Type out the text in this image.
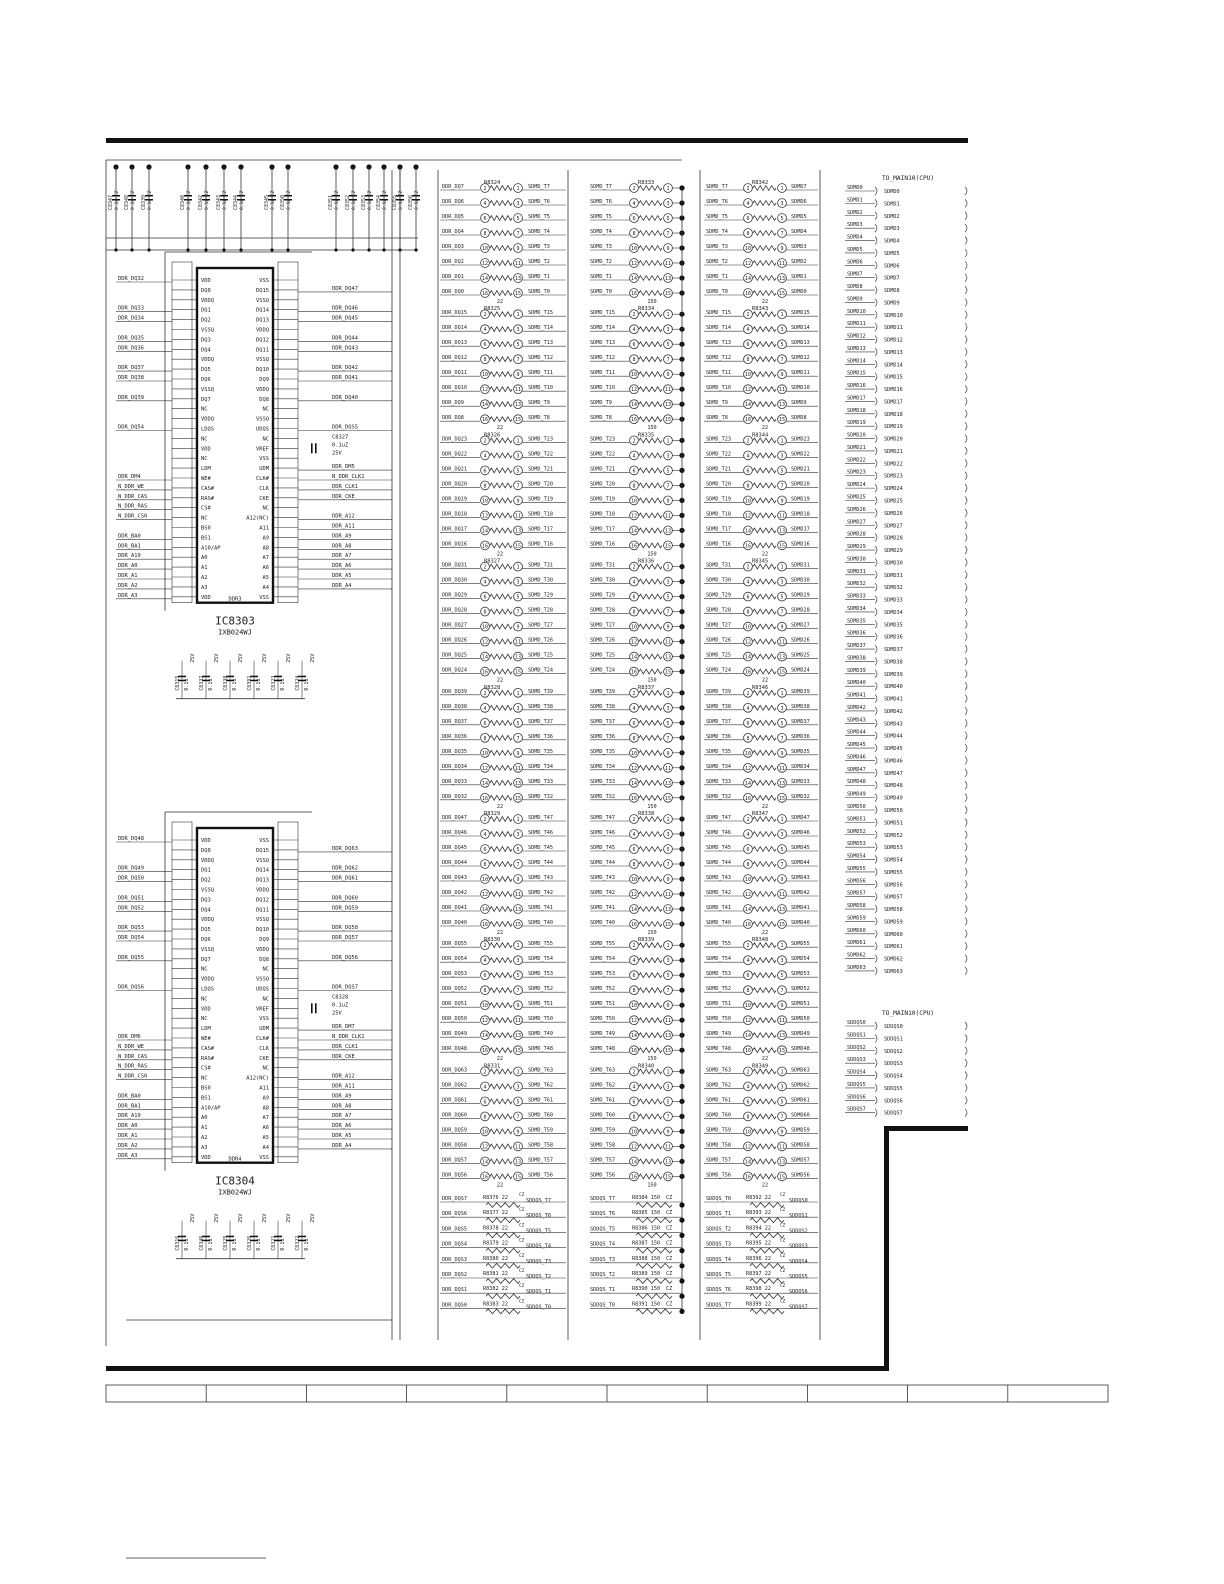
C8347 0.1u CZ C8348 0.1u CZ C8339 0.1u CZ	C8340 0.1u CZ C8342 0.1u CZ C8343 0.1u CZ C8344 0.1u CZ	C8345 0.1u CZ C8350 0.1u CZ	C8351 0.1u CZ C8352 0.1u CZ C8353 0.1u CZ C8354 0.1u CZ C8355 0.1u CZ C8356 0.1u CZ
VDD	VSS
DDR_DQ32
DQ0	DQ15	DDR_DQ47
VDDQ	VSSQ
DQ1	DQ14
DDR_DQ33	DDR_DQ46
DQ2	DQ13
DDR_DQ34	DDR_DQ45
VSSQ	VDDQ
DQ3	DQ12
DDR_DQ35	DDR_DQ44
DQ4	DQ11
DDR_DQ36	DDR_DQ43
VDDQ	VSSQ
DQ5	DQ10
DDR_DQ37	DDR_DQ42
DQ6	DQ9
DDR_DQ38	DDR_DQ41
VSSQ	VDDQ
DQ7	DQ8
DDR_DQ39	DDR_DQ40
NC	NC
VDDQ	VSSQ
LDQS	UDQS
DDR_DQ54	DDR_DQS5
NC	NC
VDD	VREF
NC	VSS
LDM	UDM	DDR_DM5
WE#	CLK#
DDR_DM4	N_DDR_CLK1
CAS#	CLK
N_DDR_WE	DDR_CLK1
RAS#	CKE
N_DDR_CAS	DDR_CKE
CS#	NC
N_DDR_RAS
NC	A12(NC)
N_DDR_CS0	DDR_A12
BS0	A11	DDR_A11
BS1	A9
DDR_BA0	DDR_A9
A10/AP	A8
DDR_BA1	DDR_A8
A0	A7
DDR_A10	DDR_A7
A1	A6
DDR_A0	DDR_A6
A2	A5
DDR_A1	DDR_A5
A3	A4
DDR_A2	DDR_A4
VDD	VSS
DDR_A3
DDR3
IC8303
IXB024WJ
C8327
0.1uZ
25V
C8315 0.1u
25V
C8337 0.1u
25V
C8338 0.1u
25V
C8391 0.1u
25V
C8323 0.1u
25V
C8324 0.1u
25V
VDD	VSS
DDR_DQ48
DQ0	DQ15	DDR_DQ63
VDDQ	VSSQ
DQ1	DQ14
DDR_DQ49	DDR_DQ62
DQ2	DQ13
DDR_DQ50	DDR_DQ61
VSSQ	VDDQ
DQ3	DQ12
DDR_DQ51	DDR_DQ60
DQ4	DQ11
DDR_DQ52	DDR_DQ59
VDDQ	VSSQ
DQ5	DQ10
DDR_DQ53	DDR_DQ58
DQ6	DQ9
DDR_DQ54	DDR_DQ57
VSSQ	VDDQ
DQ7	DQ8
DDR_DQ55	DDR_DQ56
NC	NC
VDDQ	VSSQ
LDQS	UDQS
DDR_DQS6	DDR_DQS7
NC	NC
VDD	VREF
NC	VSS
LDM	UDM	DDR_DM7
WE#	CLK#
DDR_DM6	N_DDR_CLK1
CAS#	CLK
N_DDR_WE	DDR_CLK1
RAS#	CKE
N_DDR_CAS	DDR_CKE
CS#	NC
N_DDR_RAS
NC	A12(NC)
N_DDR_CS0	DDR_A12
BS0	A11	DDR_A11
BS1	A9
DDR_BA0	DDR_A9
A10/AP	A8
DDR_BA1	DDR_A8
A0	A7
DDR_A10	DDR_A7
A1	A6
DDR_A0	DDR_A6
A2	A5
DDR_A1	DDR_A5
A3	A4
DDR_A2	DDR_A4
VDD	VSS
DDR_A3
DDR4
IC8304
IXB024WJ
C8328
0.1uZ
25V
C8316 0.1u
25V
C8346 0.1u
25V
C8325 0.1u
25V
C8326 0.1u
25V
C8321 0.1u
25V
C8322 0.1u
25V
R8324	R8333	R8342
DDR_DQ7	2	1 SDMD_T7	SDMD_T7	2	1	SDMD_T7	2	1 SDMD7
DDR_DQ6	4	3 SDMD_T6	SDMD_T6	4	3	SDMD_T6	4	3 SDMD6
DDR_DQ5	6	5 SDMD_T5	SDMD_T5	6	5	SDMD_T5	6	5 SDMD5
DDR_DQ4	8	7 SDMD_T4	SDMD_T4	8	7	SDMD_T4	8	7 SDMD4
DDR_DQ3	10	9 SDMD_T3	SDMD_T3	10	9	SDMD_T3	10	9 SDMD3
DDR_DQ2	12	11 SDMD_T2	SDMD_T2	12	11	SDMD_T2	12	11 SDMD2
DDR_DQ1	14	13 SDMD_T1	SDMD_T1	14	13	SDMD_T1	14	13 SDMD1
DDR_DQ0	16	15 SDMD_T0	SDMD_T0	16	15	SDMD_T0	16	15 SDMD0
22	150	22
R8325	R8334	R8343
DDR_DQ15	2	1 SDMD_T15	SDMD_T15	2	1	SDMD_T15	2	1 SDMD15
DDR_DQ14	4	3 SDMD_T14	SDMD_T14	4	3	SDMD_T14	4	3 SDMD14
DDR_DQ13	6	5 SDMD_T13	SDMD_T13	6	5	SDMD_T13	6	5 SDMD13
DDR_DQ12	8	7 SDMD_T12	SDMD_T12	8	7	SDMD_T12	8	7 SDMD12
DDR_DQ11	10	9 SDMD_T11	SDMD_T11	10	9	SDMD_T11	10	9 SDMD11
DDR_DQ10	12	11 SDMD_T10	SDMD_T10	12	11	SDMD_T10	12	11 SDMD10
DDR_DQ9	14	13 SDMD_T9	SDMD_T9	14	13	SDMD_T9	14	13 SDMD9
DDR_DQ8	16	15 SDMD_T8	SDMD_T8	16	15	SDMD_T8	16	15 SDMD8
22	150	22
R8326	R8335	R8344
DDR_DQ23	2	1 SDMD_T23	SDMD_T23	2	1	SDMD_T23	2	1 SDMD23
DDR_DQ22	4	3 SDMD_T22	SDMD_T22	4	3	SDMD_T22	4	3 SDMD22
DDR_DQ21	6	5 SDMD_T21	SDMD_T21	6	5	SDMD_T21	6	5 SDMD21
DDR_DQ20	8	7 SDMD_T20	SDMD_T20	8	7	SDMD_T20	8	7 SDMD20
DDR_DQ19	10	9 SDMD_T19	SDMD_T19	10	9	SDMD_T19	10	9 SDMD19
DDR_DQ18	12	11 SDMD_T18	SDMD_T18	12	11	SDMD_T18	12	11 SDMD18
DDR_DQ17	14	13 SDMD_T17	SDMD_T17	14	13	SDMD_T17	14	13 SDMD17
DDR_DQ16	16	15 SDMD_T16	SDMD_T16	16	15	SDMD_T16	16	15 SDMD16
22	150	22
R8327	R8336	R8345
DDR_DQ31	2	1 SDMD_T31	SDMD_T31	2	1	SDMD_T31	2	1 SDMD31
DDR_DQ30	4	3 SDMD_T30	SDMD_T30	4	3	SDMD_T30	4	3 SDMD30
DDR_DQ29	6	5 SDMD_T29	SDMD_T29	6	5	SDMD_T29	6	5 SDMD29
DDR_DQ28	8	7 SDMD_T28	SDMD_T28	8	7	SDMD_T28	8	7 SDMD28
DDR_DQ27	10	9 SDMD_T27	SDMD_T27	10	9	SDMD_T27	10	9 SDMD27
DDR_DQ26	12	11 SDMD_T26	SDMD_T26	12	11	SDMD_T26	12	11 SDMD26
DDR_DQ25	14	13 SDMD_T25	SDMD_T25	14	13	SDMD_T25	14	13 SDMD25
DDR_DQ24	16	15 SDMD_T24	SDMD_T24	16	15	SDMD_T24	16	15 SDMD24
22	150	22
R8328	R8337	R8346
DDR_DQ39	2	1 SDMD_T39	SDMD_T39	2	1	SDMD_T39	2	1 SDMD39
DDR_DQ38	4	3 SDMD_T38	SDMD_T38	4	3	SDMD_T38	4	3 SDMD38
DDR_DQ37	6	5 SDMD_T37	SDMD_T37	6	5	SDMD_T37	6	5 SDMD37
DDR_DQ36	8	7 SDMD_T36	SDMD_T36	8	7	SDMD_T36	8	7 SDMD36
DDR_DQ35	10	9 SDMD_T35	SDMD_T35	10	9	SDMD_T35	10	9 SDMD35
DDR_DQ34	12	11 SDMD_T34	SDMD_T34	12	11	SDMD_T34	12	11 SDMD34
DDR_DQ33	14	13 SDMD_T33	SDMD_T33	14	13	SDMD_T33	14	13 SDMD33
DDR_DQ32	16	15 SDMD_T32	SDMD_T32	16	15	SDMD_T32	16	15 SDMD32
22	150	22
R8329	R8338	R8347
DDR_DQ47	2	1 SDMD_T47	SDMD_T47	2	1	SDMD_T47	2	1 SDMD47
DDR_DQ46	4	3 SDMD_T46	SDMD_T46	4	3	SDMD_T46	4	3 SDMD46
DDR_DQ45	6	5 SDMD_T45	SDMD_T45	6	5	SDMD_T45	6	5 SDMD45
DDR_DQ44	8	7 SDMD_T44	SDMD_T44	8	7	SDMD_T44	8	7 SDMD44
DDR_DQ43	10	9 SDMD_T43	SDMD_T43	10	9	SDMD_T43	10	9 SDMD43
DDR_DQ42	12	11 SDMD_T42	SDMD_T42	12	11	SDMD_T42	12	11 SDMD42
DDR_DQ41	14	13 SDMD_T41	SDMD_T41	14	13	SDMD_T41	14	13 SDMD41
DDR_DQ40	16	15 SDMD_T40	SDMD_T40	16	15	SDMD_T40	16	15 SDMD40
22	150	22
R8330	R8339	R8348
DDR_DQ55	2	1 SDMD_T55	SDMD_T55	2	1	SDMD_T55	2	1 SDMD55
DDR_DQ54	4	3 SDMD_T54	SDMD_T54	4	3	SDMD_T54	4	3 SDMD54
DDR_DQ53	6	5 SDMD_T53	SDMD_T53	6	5	SDMD_T53	6	5 SDMD53
DDR_DQ52	8	7 SDMD_T52	SDMD_T52	8	7	SDMD_T52	8	7 SDMD52
DDR_DQ51	10	9 SDMD_T51	SDMD_T51	10	9	SDMD_T51	10	9 SDMD51
DDR_DQ50	12	11 SDMD_T50	SDMD_T50	12	11	SDMD_T50	12	11 SDMD50
DDR_DQ49	14	13 SDMD_T49	SDMD_T49	14	13	SDMD_T49	14	13 SDMD49
DDR_DQ48	16	15 SDMD_T48	SDMD_T48	16	15	SDMD_T48	16	15 SDMD48
22	150	22
R8331	R8340	R8349
DDR_DQ63	2	1 SDMD_T63	SDMD_T63	2	1	SDMD_T63	2	1 SDMD63
DDR_DQ62	4	3 SDMD_T62	SDMD_T62	4	3	SDMD_T62	4	3 SDMD62
DDR_DQ61	6	5 SDMD_T61	SDMD_T61	6	5	SDMD_T61	6	5 SDMD61
DDR_DQ60	8	7 SDMD_T60	SDMD_T60	8	7	SDMD_T60	8	7 SDMD60
DDR_DQ59	10	9 SDMD_T59	SDMD_T59	10	9	SDMD_T59	10	9 SDMD59
DDR_DQ58	12	11 SDMD_T58	SDMD_T58	12	11	SDMD_T58	12	11 SDMD58
DDR_DQ57	14	13 SDMD_T57	SDMD_T57	14	13	SDMD_T57	14	13 SDMD57
DDR_DQ56	16	15 SDMD_T56	SDMD_T56	16	15	SDMD_T56	16	15 SDMD56
22	150	22
DDR_DQS7	R8376 22	CZ
SDDQS_T7	SDDQS_T7	R8384 150 CZ	SDDQS_T0	R8392 22 CZ
SDDQS0
DDR_DQS6	R8377 22	CZ
SDDQS_T6	SDDQS_T6	R8385 150 CZ	SDDQS_T1	R8393 22 CZ
SDDQS1
DDR_DQS5	R8378 22	CZ
SDDQS_T5	SDDQS_T5	R8386 150 CZ	SDDQS_T2	R8394 22 CZ
SDDQS2
DDR_DQS4	R8379 22	CZ
SDDQS_T4	SDDQS_T4	R8387 150 CZ	SDDQS_T3	R8395 22 CZ
SDDQS3
DDR_DQS3	R8380 22	CZ
SDDQS_T3	SDDQS_T3	R8388 150 CZ	SDDQS_T4	R8396 22 CZ
SDDQS4
DDR_DQS2	R8381 22	CZ
SDDQS_T2	SDDQS_T2	R8389 150 CZ	SDDQS_T5	R8397 22 CZ
SDDQS5
DDR_DQS1	R8382 22	CZ
SDDQS_T1	SDDQS_T1	R8390 150 CZ	SDDQS_T6	R8398 22 CZ
SDDQS6
DDR_DQS0	R8383 22	CZ
SDDQS_T0	SDDQS_T0	R8391 150 CZ	SDDQS_T7	R8399 22 CZ
SDDQS7
TO_MAIN10(CPU)
SDMD0
SDMD0
SDMD1
SDMD1
SDMD2
SDMD2
SDMD3
SDMD3
SDMD4
SDMD4
SDMD5
SDMD5
SDMD6
SDMD6
SDMD7
SDMD7
SDMD8
SDMD8
SDMD9
SDMD9
SDMD10
SDMD10
SDMD11
SDMD11
SDMD12
SDMD12
SDMD13
SDMD13
SDMD14
SDMD14
SDMD15
SDMD15
SDMD16
SDMD16
SDMD17
SDMD17
SDMD18
SDMD18
SDMD19
SDMD19
SDMD20
SDMD20
SDMD21
SDMD21
SDMD22
SDMD22
SDMD23
SDMD23
SDMD24
SDMD24
SDMD25
SDMD25
SDMD26
SDMD26
SDMD27
SDMD27
SDMD28
SDMD28
SDMD29
SDMD29
SDMD30
SDMD30
SDMD31
SDMD31
SDMD32
SDMD32
SDMD33
SDMD33
SDMD34
SDMD34
SDMD35
SDMD35
SDMD36
SDMD36
SDMD37
SDMD37
SDMD38
SDMD38
SDMD39
SDMD39
SDMD40
SDMD40
SDMD41
SDMD41
SDMD42
SDMD42
SDMD43
SDMD43
SDMD44
SDMD44
SDMD45
SDMD45
SDMD46
SDMD46
SDMD47
SDMD47
SDMD48
SDMD48
SDMD49
SDMD49
SDMD50
SDMD50
SDMD51
SDMD51
SDMD52
SDMD52
SDMD53
SDMD53
SDMD54
SDMD54
SDMD55
SDMD55
SDMD56
SDMD56
SDMD57
SDMD57
SDMD58
SDMD58
SDMD59
SDMD59
SDMD60
SDMD60
SDMD61
SDMD61
SDMD62
SDMD62
SDMD63
SDMD63
TO_MAIN10(CPU)
SDDQS0
SDDQS0
SDDQS1
SDDQS1
SDDQS2
SDDQS2
SDDQS3
SDDQS3
SDDQS4
SDDQS4
SDDQS5
SDDQS5
SDDQS6
SDDQS6
SDDQS7
SDDQS7
